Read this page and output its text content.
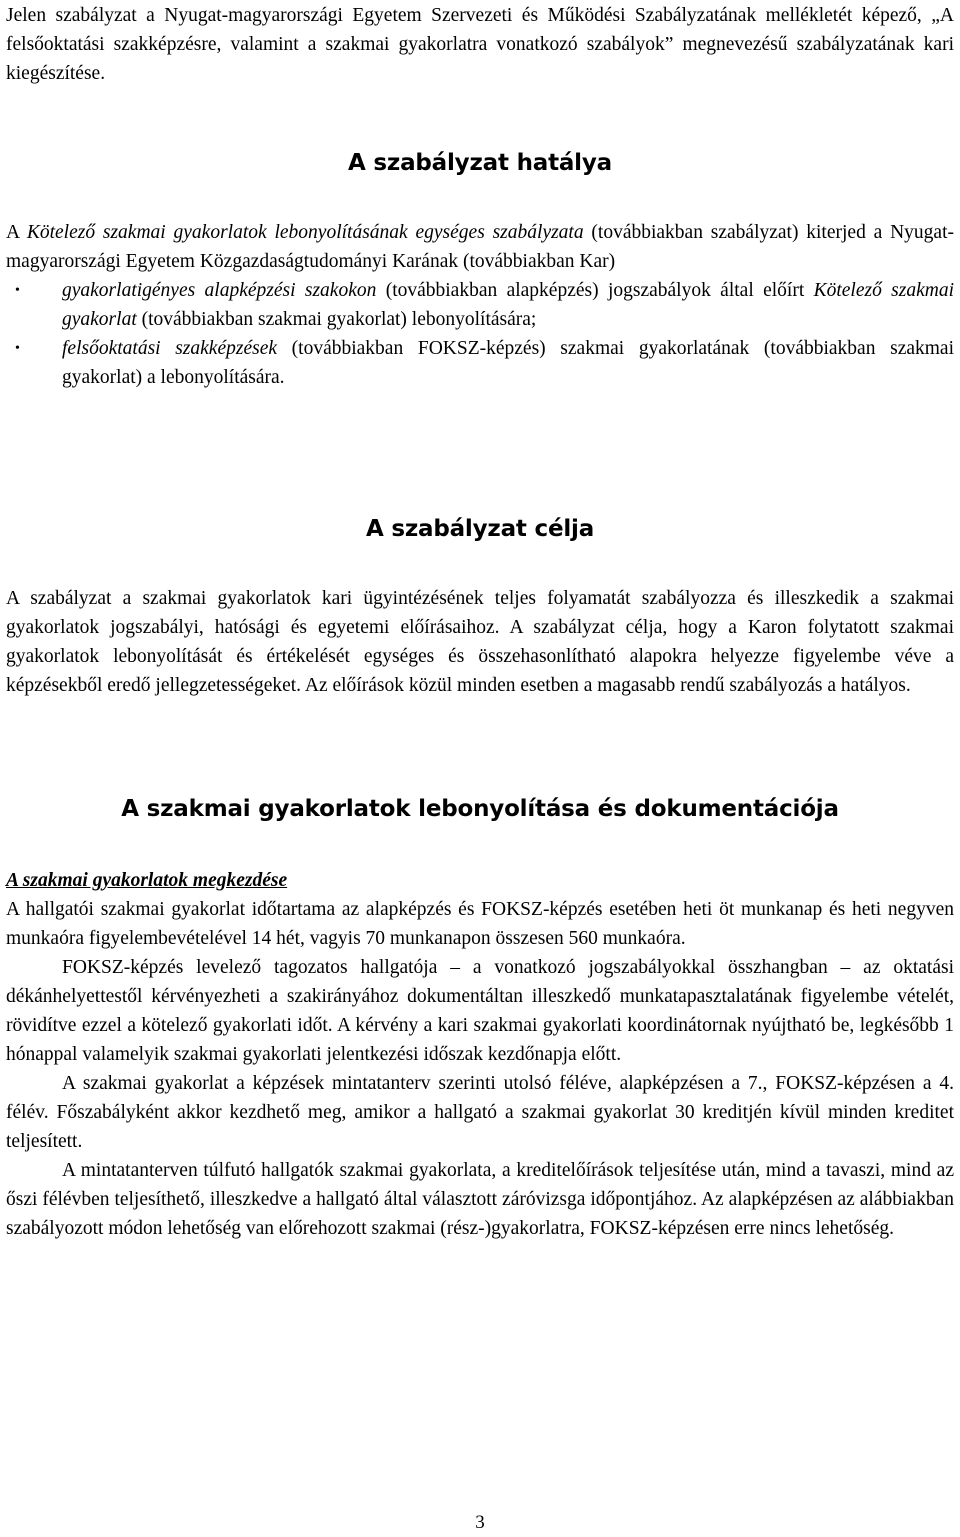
Jelen szabályzat a Nyugat-magyarországi Egyetem Szervezeti és Működési Szabályzatának mellékletét képező, „A felsőoktatási szakképzésre, valamint a szakmai gyakorlatra vonatkozó szabályok” megnevezésű szabályzatának kari kiegészítése.

A szabályzat hatálya

A Kötelező szakmai gyakorlatok lebonyolításának egységes szabályzata (továbbiakban szabályzat) kiterjed a Nyugat-magyarországi Egyetem Közgazdaságtudományi Karának (továbbiakban Kar)

• gyakorlatigényes alapképzési szakokon (továbbiakban alapképzés) jogszabályok által előírt Kötelező szakmai gyakorlat (továbbiakban szakmai gyakorlat) lebonyolítására;
• felsőoktatási szakképzések (továbbiakban FOKSZ-képzés) szakmai gyakorlatának (továbbiakban szakmai gyakorlat) a lebonyolítására.
A szabályzat célja

A szabályzat a szakmai gyakorlatok kari ügyintézésének teljes folyamatát szabályozza és illeszkedik a szakmai gyakorlatok jogszabályi, hatósági és egyetemi előírásaihoz. A szabályzat célja, hogy a Karon folytatott szakmai gyakorlatok lebonyolítását és értékelését egységes és összehasonlítható alapokra helyezze figyelembe véve a képzésekből eredő jellegzetességeket. Az előírások közül minden esetben a magasabb rendű szabályozás a hatályos.

A szakmai gyakorlatok lebonyolítása és dokumentációja
A szakmai gyakorlatok megkezdése

A hallgatói szakmai gyakorlat időtartama az alapképzés és FOKSZ-képzés esetében heti öt munkanap és heti negyven munkaóra figyelembevételével 14 hét, vagyis 70 munkanapon összesen 560 munkaóra.

FOKSZ-képzés levelező tagozatos hallgatója – a vonatkozó jogszabályokkal összhangban – az oktatási dékánhelyettestől kérvényezheti a szakirányához dokumentáltan illeszkedő munkatapasztalatának figyelembe vételét, rövidítve ezzel a kötelező gyakorlati időt. A kérvény a kari szakmai gyakorlati koordinátornak nyújtható be, legkésőbb 1 hónappal valamelyik szakmai gyakorlati jelentkezési időszak kezdőnapja előtt.

A szakmai gyakorlat a képzések mintatanterv szerinti utolsó féléve, alapképzésen a 7., FOKSZ-képzésen a 4. félév. Főszabályként akkor kezdhető meg, amikor a hallgató a szakmai gyakorlat 30 kreditjén kívül minden kreditet teljesített.

A mintatanterven túlfutó hallgatók szakmai gyakorlata, a kreditelőírások teljesítése után, mind a tavaszi, mind az őszi félévben teljesíthető, illeszkedve a hallgató által választott záróvizsga időpontjához. Az alapképzésen az alábbiakban szabályozott módon lehetőség van előrehozott szakmai (rész-)gyakorlatra, FOKSZ-képzésen erre nincs lehetőség.

3
